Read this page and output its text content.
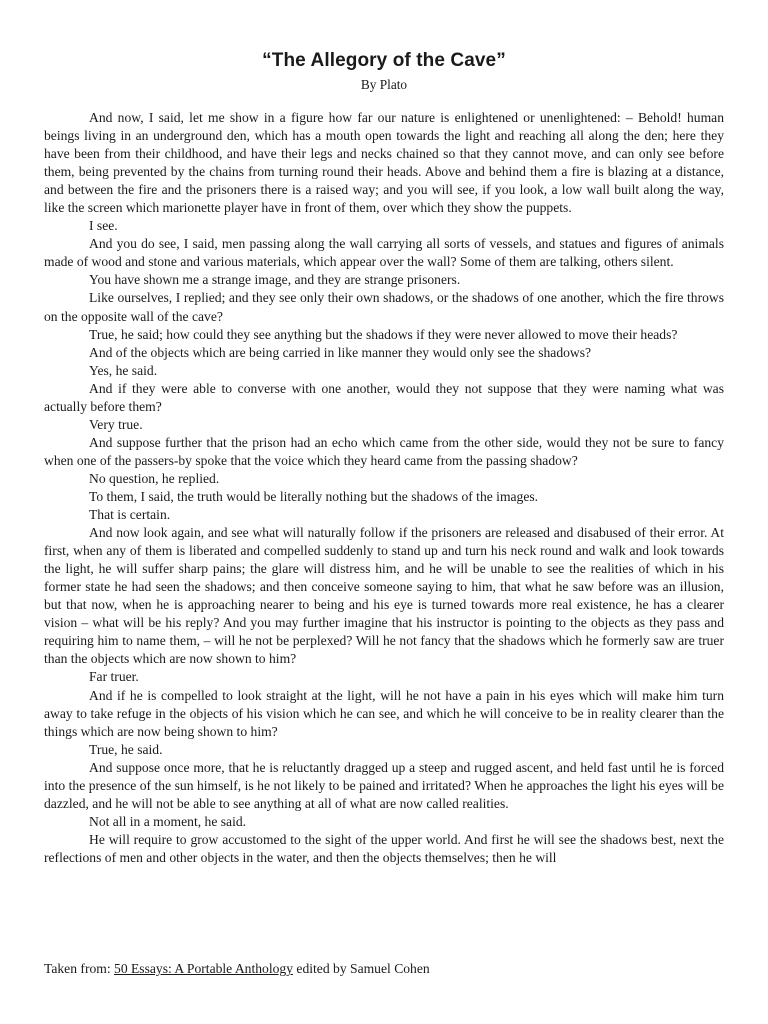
“The Allegory of the Cave”
By Plato

And now, I said, let me show in a figure how far our nature is enlightened or unenlightened: – Behold! human beings living in an underground den, which has a mouth open towards the light and reaching all along the den; here they have been from their childhood, and have their legs and necks chained so that they cannot move, and can only see before them, being prevented by the chains from turning round their heads. Above and behind them a fire is blazing at a distance, and between the fire and the prisoners there is a raised way; and you will see, if you look, a low wall built along the way, like the screen which marionette player have in front of them, over which they show the puppets.

I see.

And you do see, I said, men passing along the wall carrying all sorts of vessels, and statues and figures of animals made of wood and stone and various materials, which appear over the wall? Some of them are talking, others silent.

You have shown me a strange image, and they are strange prisoners.

Like ourselves, I replied; and they see only their own shadows, or the shadows of one another, which the fire throws on the opposite wall of the cave?

True, he said; how could they see anything but the shadows if they were never allowed to move their heads?

And of the objects which are being carried in like manner they would only see the shadows?

Yes, he said.

And if they were able to converse with one another, would they not suppose that they were naming what was actually before them?

Very true.

And suppose further that the prison had an echo which came from the other side, would they not be sure to fancy when one of the passers-by spoke that the voice which they heard came from the passing shadow?

No question, he replied.

To them, I said, the truth would be literally nothing but the shadows of the images.

That is certain.

And now look again, and see what will naturally follow if the prisoners are released and disabused of their error. At first, when any of them is liberated and compelled suddenly to stand up and turn his neck round and walk and look towards the light, he will suffer sharp pains; the glare will distress him, and he will be unable to see the realities of which in his former state he had seen the shadows; and then conceive someone saying to him, that what he saw before was an illusion, but that now, when he is approaching nearer to being and his eye is turned towards more real existence, he has a clearer vision – what will be his reply? And you may further imagine that his instructor is pointing to the objects as they pass and requiring him to name them, – will he not be perplexed? Will he not fancy that the shadows which he formerly saw are truer than the objects which are now shown to him?

Far truer.

And if he is compelled to look straight at the light, will he not have a pain in his eyes which will make him turn away to take refuge in the objects of his vision which he can see, and which he will conceive to be in reality clearer than the things which are now being shown to him?

True, he said.

And suppose once more, that he is reluctantly dragged up a steep and rugged ascent, and held fast until he is forced into the presence of the sun himself, is he not likely to be pained and irritated? When he approaches the light his eyes will be dazzled, and he will not be able to see anything at all of what are now called realities.

Not all in a moment, he said.

He will require to grow accustomed to the sight of the upper world. And first he will see the shadows best, next the reflections of men and other objects in the water, and then the objects themselves; then he will

Taken from: 50 Essays: A Portable Anthology edited by Samuel Cohen
